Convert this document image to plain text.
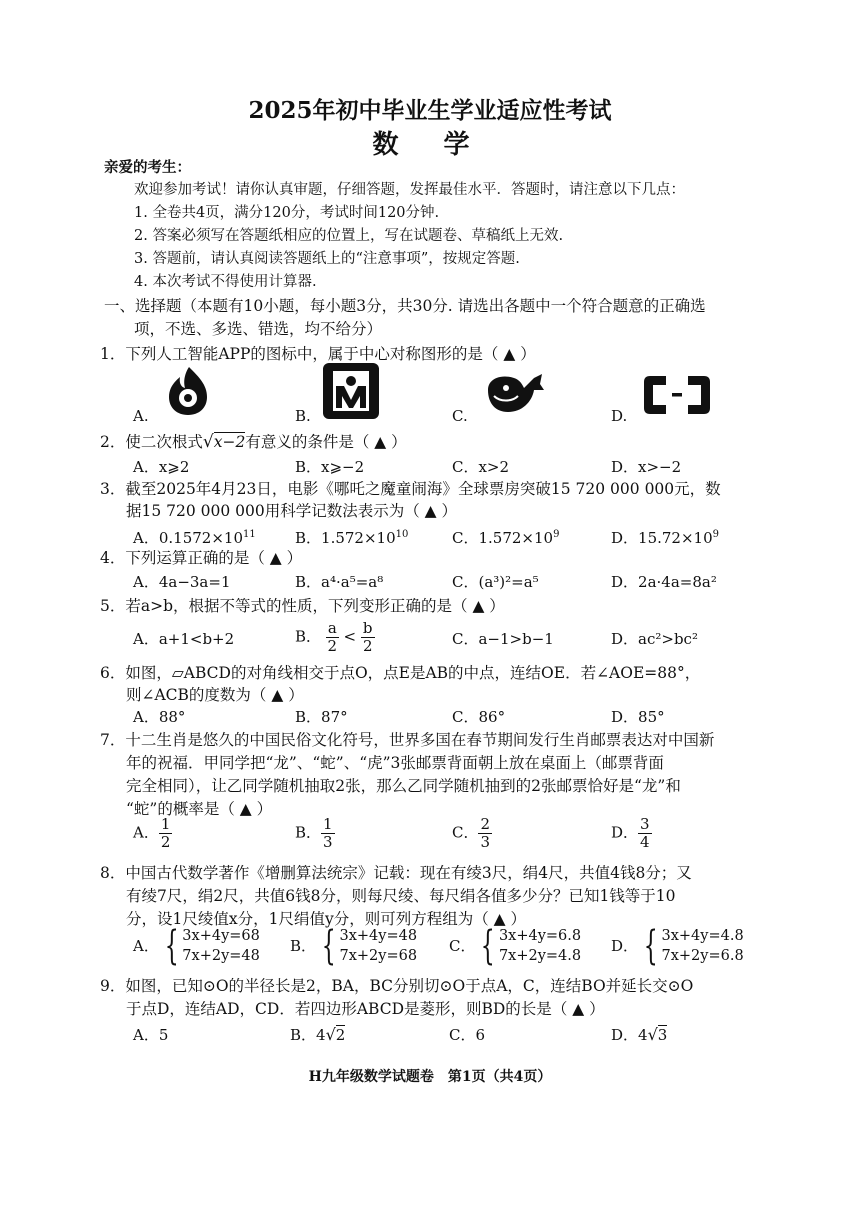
2025年初中毕业生学业适应性考试
数 学
亲爱的考生：
欢迎参加考试！请你认真审题，仔细答题，发挥最佳水平．答题时，请注意以下几点：
1. 全卷共4页，满分120分，考试时间120分钟.
2. 答案必须写在答题纸相应的位置上，写在试题卷、草稿纸上无效.
3. 答题前，请认真阅读答题纸上的“注意事项”，按规定答题.
4. 本次考试不得使用计算器.
一、选择题（本题有10小题，每小题3分，共30分. 请选出各题中一个符合题意的正确选
项，不选、多选、错选，均不给分）
1．下列人工智能APP的图标中，属于中心对称图形的是（ ▲ ）
A.	B.	C.	D.
2．使二次根式√x−2有意义的条件是（ ▲ ）
A．x⩾2	B．x⩾−2	C．x>2	D．x>−2
3．截至2025年4月23日，电影《哪吒之魔童闹海》全球票房突破15 720 000 000元，数
据15 720 000 000用科学记数法表示为（ ▲ ）
A．$0.1572\times 10^{11}$	B．$1.572\times 10^{10}$	C．$1.572\times 10^9$	D．$15.72\times 10^9$
4．下列运算正确的是（ ▲ ）
A．4a−3a=1	B．a⁴·a⁵=a⁸	C．(a³)²=a⁵	D．2a·4a=8a²
5．若a>b，根据不等式的性质，下列变形正确的是（ ▲ ）
A．a+1<b+2	B． $\frac{a}{2} < \frac{b}{2}$	C．a−1>b−1	D．ac²>bc²
6．如图，▱ABCD的对角线相交于点O，点E是AB的中点，连结OE．若∠AOE=88°，
则∠ACB的度数为（ ▲ ）
A．88°	B．87°	C．86°	D．85°
7．十二生肖是悠久的中国民俗文化符号，世界多国在春节期间发行生肖邮票表达对中国新
年的祝福．甲同学把“龙”、“蛇”、“虎”3张邮票背面朝上放在桌面上（邮票背面
完全相同），让乙同学随机抽取2张，那么乙同学随机抽到的2张邮票恰好是“龙”和
“蛇”的概率是（ ▲ ）
A． $\frac{1}{2}$	B． $\frac{1}{3}$	C． $\frac{2}{3}$	D． $\frac{3}{4}$
8．中国古代数学著作《增删算法统宗》记载：现在有绫3尺，绢4尺，共值4钱8分；又
有绫7尺，绢2尺，共值6钱8分，则每尺绫、每尺绢各值多少分？已知1钱等于10
分，设1尺绫值x分，1尺绢值y分，则可列方程组为（ ▲ ）
A． { 3x+4y=68
7x+2y=48
B． { 3x+4y=48
7x+2y=68
C． { 3x+4y=6.8
7x+2y=4.8
D． { 3x+4y=4.8
7x+2y=6.8
9．如图，已知⊙O的半径长是2，BA，BC分别切⊙O于点A，C，连结BO并延长交⊙O
于点D，连结AD，CD．若四边形ABCD是菱形，则BD的长是（ ▲ ）
A．5	B．4√2	C．6	D．4√3
H九年级数学试题卷　第1页（共4页）
